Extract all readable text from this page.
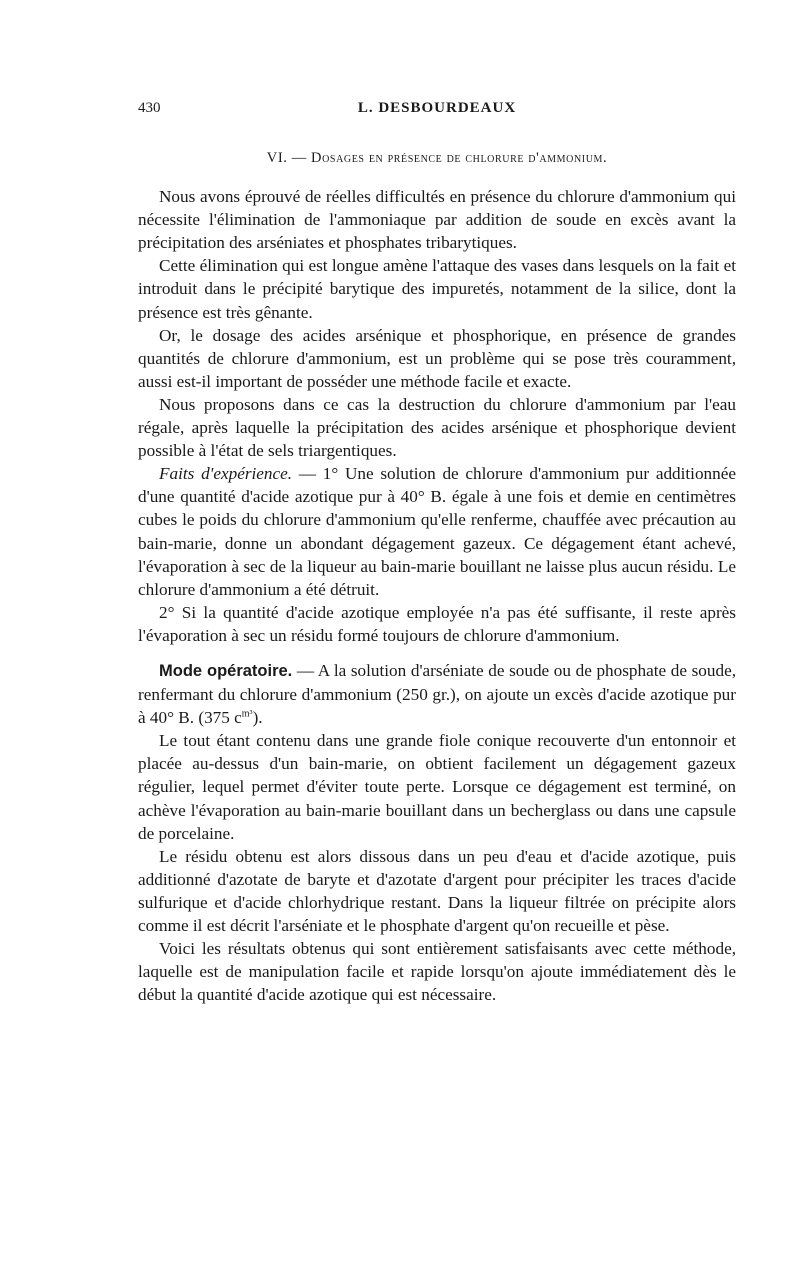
430	L. DESBOURDEAUX
VI. — Dosages en présence de chlorure d'ammonium.

Nous avons éprouvé de réelles difficultés en présence du chlorure d'ammonium qui nécessite l'élimination de l'ammoniaque par addition de soude en excès avant la précipitation des arséniates et phosphates tribarytiques.

Cette élimination qui est longue amène l'attaque des vases dans lesquels on la fait et introduit dans le précipité barytique des impuretés, notamment de la silice, dont la présence est très gênante.

Or, le dosage des acides arsénique et phosphorique, en présence de grandes quantités de chlorure d'ammonium, est un problème qui se pose très couramment, aussi est-il important de posséder une méthode facile et exacte.

Nous proposons dans ce cas la destruction du chlorure d'ammonium par l'eau régale, après laquelle la précipitation des acides arsénique et phosphorique devient possible à l'état de sels triargentiques.

Faits d'expérience. — 1° Une solution de chlorure d'ammonium pur additionnée d'une quantité d'acide azotique pur à 40° B. égale à une fois et demie en centimètres cubes le poids du chlorure d'ammonium qu'elle renferme, chauffée avec précaution au bain-marie, donne un abondant dégagement gazeux. Ce dégagement étant achevé, l'évaporation à sec de la liqueur au bain-marie bouillant ne laisse plus aucun résidu. Le chlorure d'ammonium a été détruit.

2° Si la quantité d'acide azotique employée n'a pas été suffisante, il reste après l'évaporation à sec un résidu formé toujours de chlorure d'ammonium.

Mode opératoire. — A la solution d'arséniate de soude ou de phosphate de soude, renfermant du chlorure d'ammonium (250 gr.), on ajoute un excès d'acide azotique pur à 40° B. (375 $c^{m^3}$).

Le tout étant contenu dans une grande fiole conique recouverte d'un entonnoir et placée au-dessus d'un bain-marie, on obtient facilement un dégagement gazeux régulier, lequel permet d'éviter toute perte. Lorsque ce dégagement est terminé, on achève l'évaporation au bain-marie bouillant dans un becherglass ou dans une capsule de porcelaine.

Le résidu obtenu est alors dissous dans un peu d'eau et d'acide azotique, puis additionné d'azotate de baryte et d'azotate d'argent pour précipiter les traces d'acide sulfurique et d'acide chlorhydrique restant. Dans la liqueur filtrée on précipite alors comme il est décrit l'arséniate et le phosphate d'argent qu'on recueille et pèse.

Voici les résultats obtenus qui sont entièrement satisfaisants avec cette méthode, laquelle est de manipulation facile et rapide lorsqu'on ajoute immédiatement dès le début la quantité d'acide azotique qui est nécessaire.
